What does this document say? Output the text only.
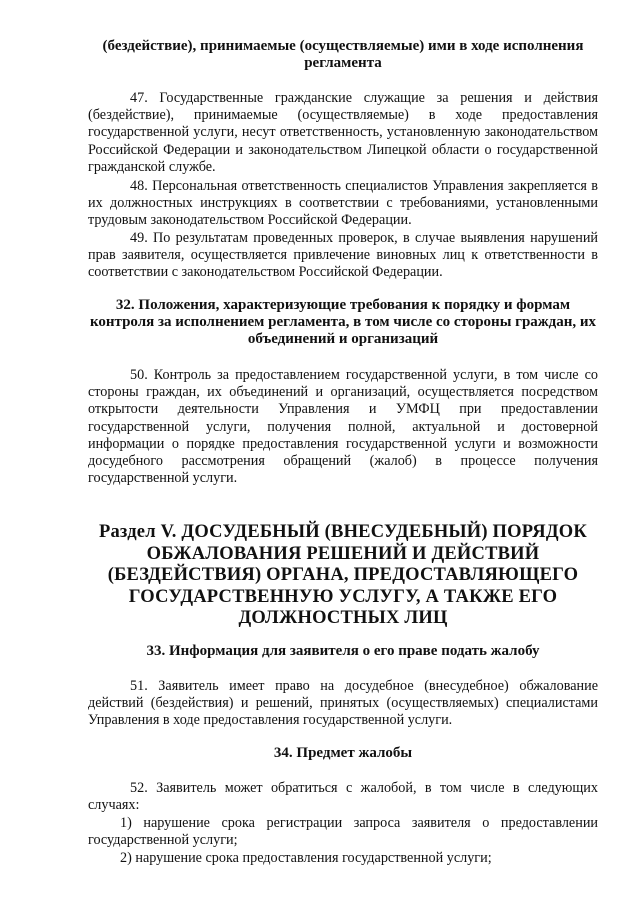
(бездействие), принимаемые (осуществляемые) ими в ходе исполнения регламента

47. Государственные гражданские служащие за решения и действия (бездействие), принимаемые (осуществляемые) в ходе предоставления государственной услуги, несут ответственность, установленную законодательством Российской Федерации и законодательством Липецкой области о государственной гражданской службе.

48. Персональная ответственность специалистов Управления закрепляется в их должностных инструкциях в соответствии с требованиями, установленными трудовым законодательством Российской Федерации.

49. По результатам проведенных проверок, в случае выявления нарушений прав заявителя, осуществляется привлечение виновных лиц к ответственности в соответствии с законодательством Российской Федерации.

32. Положения, характеризующие требования к порядку и формам контроля за исполнением регламента, в том числе со стороны граждан, их объединений и организаций

50. Контроль за предоставлением государственной услуги, в том числе со стороны граждан, их объединений и организаций, осуществляется посредством открытости деятельности Управления и УМФЦ при предоставлении государственной услуги, получения полной, актуальной и достоверной информации о порядке предоставления государственной услуги и возможности досудебного рассмотрения обращений (жалоб) в процессе получения государственной услуги.

Раздел V. ДОСУДЕБНЫЙ (ВНЕСУДЕБНЫЙ) ПОРЯДОК ОБЖАЛОВАНИЯ РЕШЕНИЙ И ДЕЙСТВИЙ (БЕЗДЕЙСТВИЯ) ОРГАНА, ПРЕДОСТАВЛЯЮЩЕГО ГОСУДАРСТВЕННУЮ УСЛУГУ, А ТАКЖЕ ЕГО ДОЛЖНОСТНЫХ ЛИЦ

33. Информация для заявителя о его праве подать жалобу

51. Заявитель имеет право на досудебное (внесудебное) обжалование действий (бездействия) и решений, принятых (осуществляемых) специалистами Управления в ходе предоставления государственной услуги.

34. Предмет жалобы

52. Заявитель может обратиться с жалобой, в том числе в следующих случаях:

1) нарушение срока регистрации запроса заявителя о предоставлении государственной услуги;

2) нарушение срока предоставления государственной услуги;
